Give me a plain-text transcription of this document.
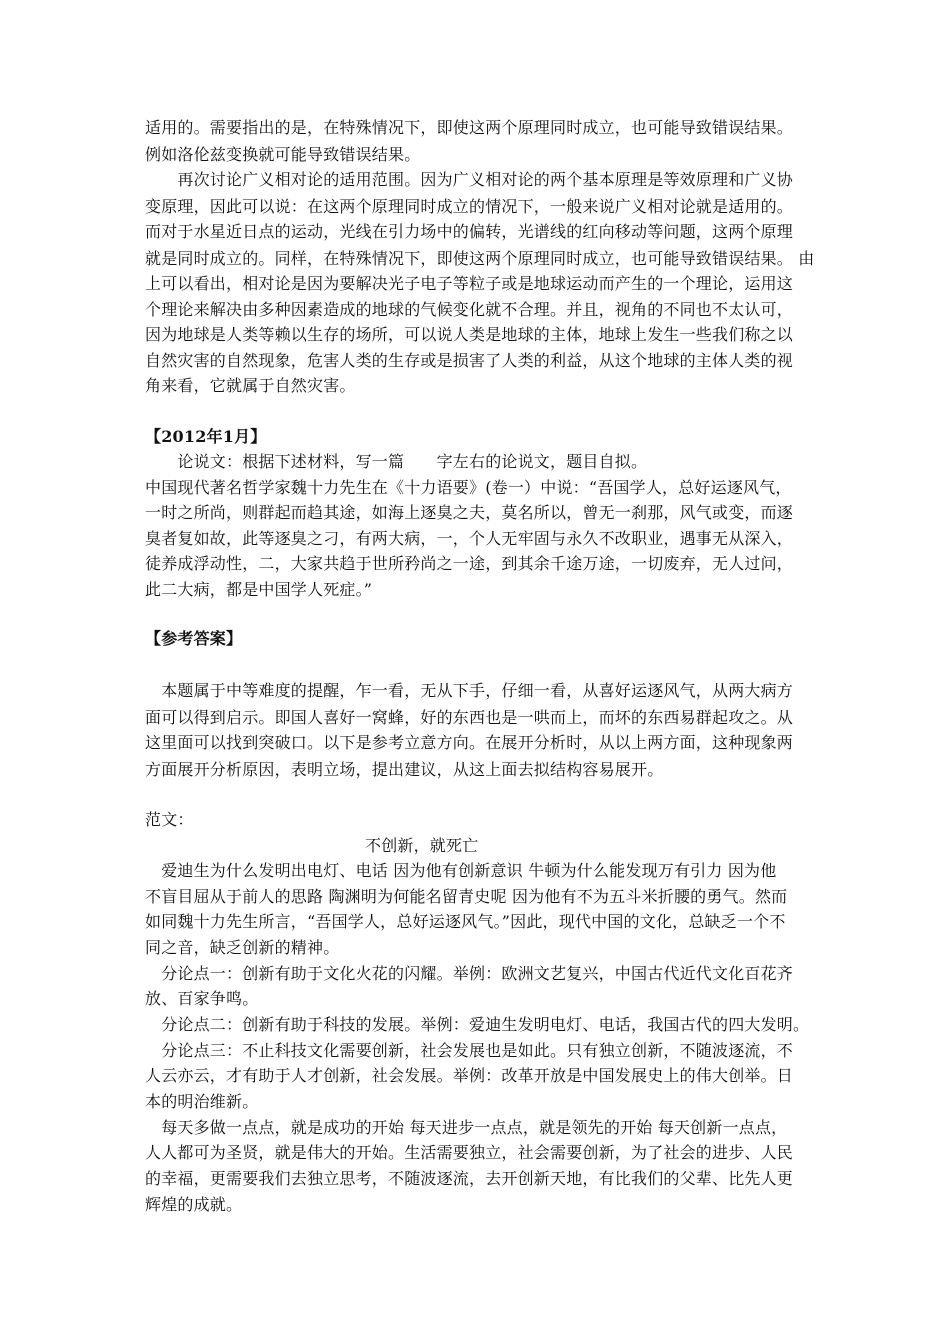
适用的。需要指出的是，在特殊情况下，即使这两个原理同时成立，也可能导致错误结果。
例如洛伦兹变换就可能导致错误结果。
　　再次讨论广义相对论的适用范围。因为广义相对论的两个基本原理是等效原理和广义协
变原理，因此可以说：在这两个原理同时成立的情况下，一般来说广义相对论就是适用的。
而对于水星近日点的运动，光线在引力场中的偏转，光谱线的红向移动等问题，这两个原理
就是同时成立的。同样，在特殊情况下，即使这两个原理同时成立，也可能导致错误结果。 由
上可以看出，相对论是因为要解决光子电子等粒子或是地球运动而产生的一个理论，运用这
个理论来解决由多种因素造成的地球的气候变化就不合理。并且，视角的不同也不太认可，
因为地球是人类等赖以生存的场所，可以说人类是地球的主体，地球上发生一些我们称之以
自然灾害的自然现象，危害人类的生存或是损害了人类的利益，从这个地球的主体人类的视
角来看，它就属于自然灾害。
【2012年1月】
　　论说文：根据下述材料，写一篇　　字左右的论说文，题目自拟。
中国现代著名哲学家魏十力先生在《十力语要》(卷一）中说：“吾国学人，总好运逐风气，
一时之所尚，则群起而趋其途，如海上逐臭之夫，莫名所以，曾无一刹那，风气或变，而逐
臭者复如故，此等逐臭之刁，有两大病，一，个人无牢固与永久不改职业，遇事无从深入，
徒养成浮动性，二，大家共趋于世所矜尚之一途，到其余千途万途，一切废弃，无人过问，
此二大病，都是中国学人死症。”
【参考答案】
　本题属于中等难度的提醒，乍一看，无从下手，仔细一看，从喜好运逐风气，从两大病方
面可以得到启示。即国人喜好一窝蜂，好的东西也是一哄而上，而坏的东西易群起攻之。从
这里面可以找到突破口。以下是参考立意方向。在展开分析时，从以上两方面，这种现象两
方面展开分析原因，表明立场，提出建议，从这上面去拟结构容易展开。
范文：
不创新，就死亡
　爱迪生为什么发明出电灯、电话 因为他有创新意识 牛顿为什么能发现万有引力 因为他
不盲目屈从于前人的思路 陶渊明为何能名留青史呢 因为他有不为五斗米折腰的勇气。然而
如同魏十力先生所言，“吾国学人，总好运逐风气。”因此，现代中国的文化，总缺乏一个不
同之音，缺乏创新的精神。
　分论点一：创新有助于文化火花的闪耀。举例：欧洲文艺复兴，中国古代近代文化百花齐
放、百家争鸣。
　分论点二：创新有助于科技的发展。举例：爱迪生发明电灯、电话，我国古代的四大发明。
　分论点三：不止科技文化需要创新，社会发展也是如此。只有独立创新，不随波逐流，不
人云亦云，才有助于人才创新，社会发展。举例：改革开放是中国发展史上的伟大创举。日
本的明治维新。
　每天多做一点点，就是成功的开始 每天进步一点点，就是领先的开始 每天创新一点点，
人人都可为圣贤，就是伟大的开始。生活需要独立，社会需要创新，为了社会的进步、人民
的幸福，更需要我们去独立思考，不随波逐流，去开创新天地，有比我们的父辈、比先人更
辉煌的成就。
